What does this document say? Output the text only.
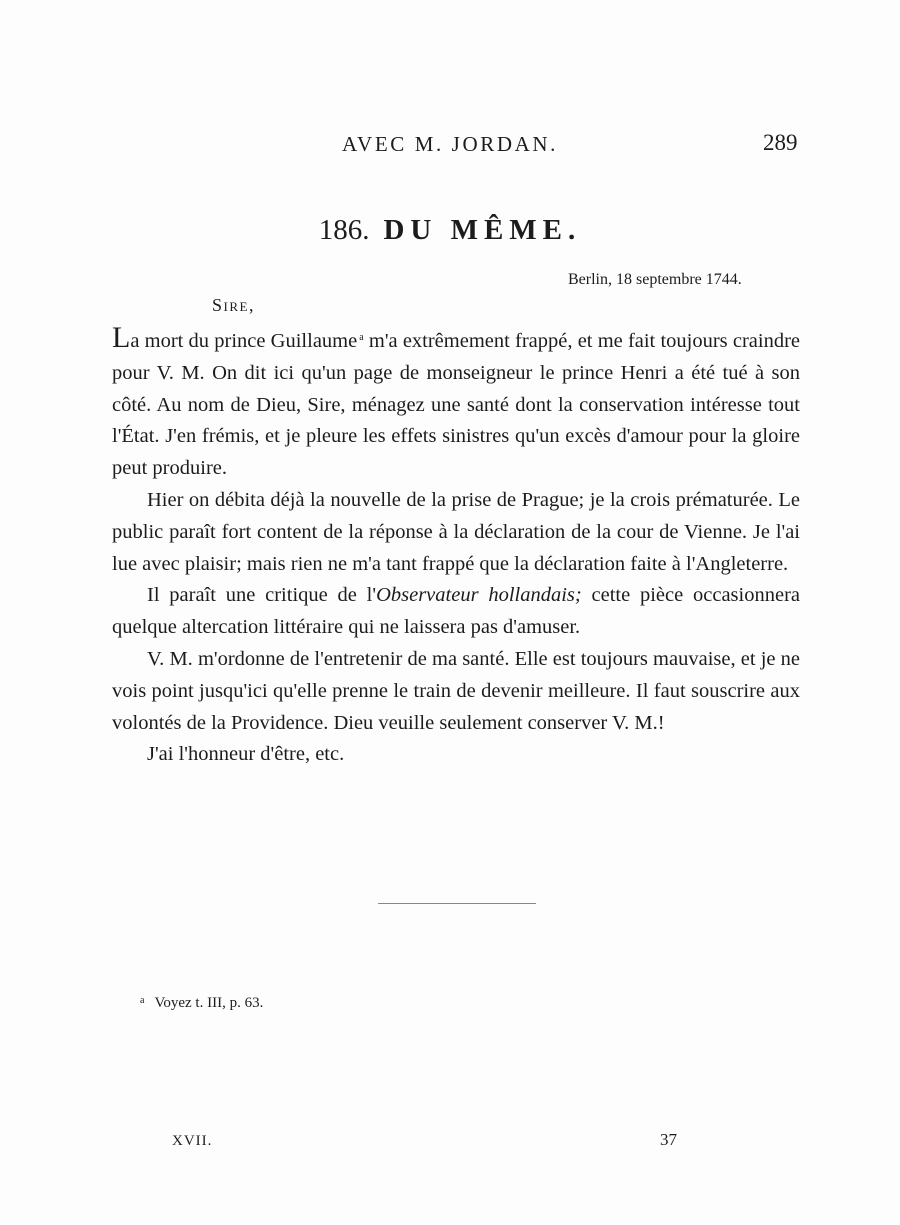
AVEC M. JORDAN.	289
186. DU MÊME.
Berlin, 18 septembre 1744.
Sire,

La mort du prince Guillaume $^a$ m'a extrêmement frappé, et me fait toujours craindre pour V. M. On dit ici qu'un page de monseigneur le prince Henri a été tué à son côté. Au nom de Dieu, Sire, ménagez une santé dont la conservation intéresse tout l'État. J'en frémis, et je pleure les effets sinistres qu'un excès d'amour pour la gloire peut produire.

Hier on débita déjà la nouvelle de la prise de Prague; je la crois prématurée. Le public paraît fort content de la réponse à la déclaration de la cour de Vienne. Je l'ai lue avec plaisir; mais rien ne m'a tant frappé que la déclaration faite à l'Angleterre.

Il paraît une critique de l'Observateur hollandais; cette pièce occasionnera quelque altercation littéraire qui ne laissera pas d'amuser.

V. M. m'ordonne de l'entretenir de ma santé. Elle est toujours mauvaise, et je ne vois point jusqu'ici qu'elle prenne le train de devenir meilleure. Il faut souscrire aux volontés de la Providence. Dieu veuille seulement conserver V. M.!

J'ai l'honneur d'être, etc.
$^a$ Voyez t. III, p. 63.
XVII.	37
